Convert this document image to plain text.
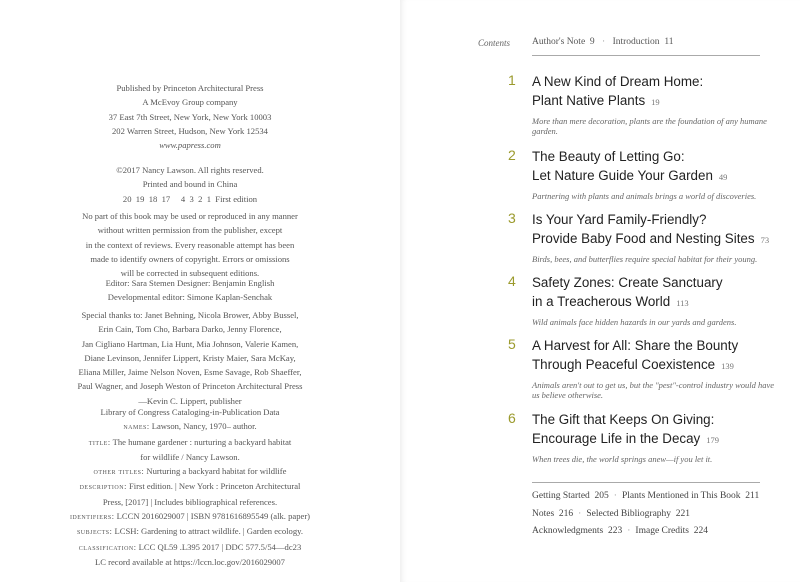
Published by Princeton Architectural Press
A McEvoy Group company
37 East 7th Street, New York, New York 10003
202 Warren Street, Hudson, New York 12534
www.papress.com
©2017 Nancy Lawson. All rights reserved.
Printed and bound in China
20  19  18  17     4  3  2  1  First edition
No part of this book may be used or reproduced in any manner
without written permission from the publisher, except
in the context of reviews. Every reasonable attempt has been
made to identify owners of copyright. Errors or omissions
will be corrected in subsequent editions.
Editor: Sara Stemen Designer: Benjamin English
Developmental editor: Simone Kaplan-Senchak
Special thanks to: Janet Behning, Nicola Brower, Abby Bussel,
Erin Cain, Tom Cho, Barbara Darko, Jenny Florence,
Jan Cigliano Hartman, Lia Hunt, Mia Johnson, Valerie Kamen,
Diane Levinson, Jennifer Lippert, Kristy Maier, Sara McKay,
Eliana Miller, Jaime Nelson Noven, Esme Savage, Rob Shaeffer,
Paul Wagner, and Joseph Weston of Princeton Architectural Press
—Kevin C. Lippert, publisher
Library of Congress Cataloging-in-Publication Data
names: Lawson, Nancy, 1970– author.
title: The humane gardener : nurturing a backyard habitat
for wildlife / Nancy Lawson.
other titles: Nurturing a backyard habitat for wildlife
description: First edition. | New York : Princeton Architectural
Press, [2017] | Includes bibliographical references.
identifiers: LCCN 2016029007 | ISBN 9781616895549 (alk. paper)
subjects: LCSH: Gardening to attract wildlife. | Garden ecology.
classification: LCC QL59 .L395 2017 | DDC 577.5/54—dc23
LC record available at https://lccn.loc.gov/2016029007
Contents Author's Note 9 · Introduction 11
1 A New Kind of Dream Home:
Plant Native Plants 19
More than mere decoration, plants are the foundation of any humane garden.
2 The Beauty of Letting Go:
Let Nature Guide Your Garden 49
Partnering with plants and animals brings a world of discoveries.
3 Is Your Yard Family-Friendly?
Provide Baby Food and Nesting Sites 73
Birds, bees, and butterflies require special habitat for their young.
4 Safety Zones: Create Sanctuary
in a Treacherous World 113
Wild animals face hidden hazards in our yards and gardens.
5 A Harvest for All: Share the Bounty
Through Peaceful Coexistence 139
Animals aren't out to get us, but the "pest"-control industry would have us believe otherwise.
6 The Gift that Keeps On Giving:
Encourage Life in the Decay 179
When trees die, the world springs anew—if you let it.
Getting Started 205 · Plants Mentioned in This Book 211
Notes 216 · Selected Bibliography 221
Acknowledgments 223 · Image Credits 224
